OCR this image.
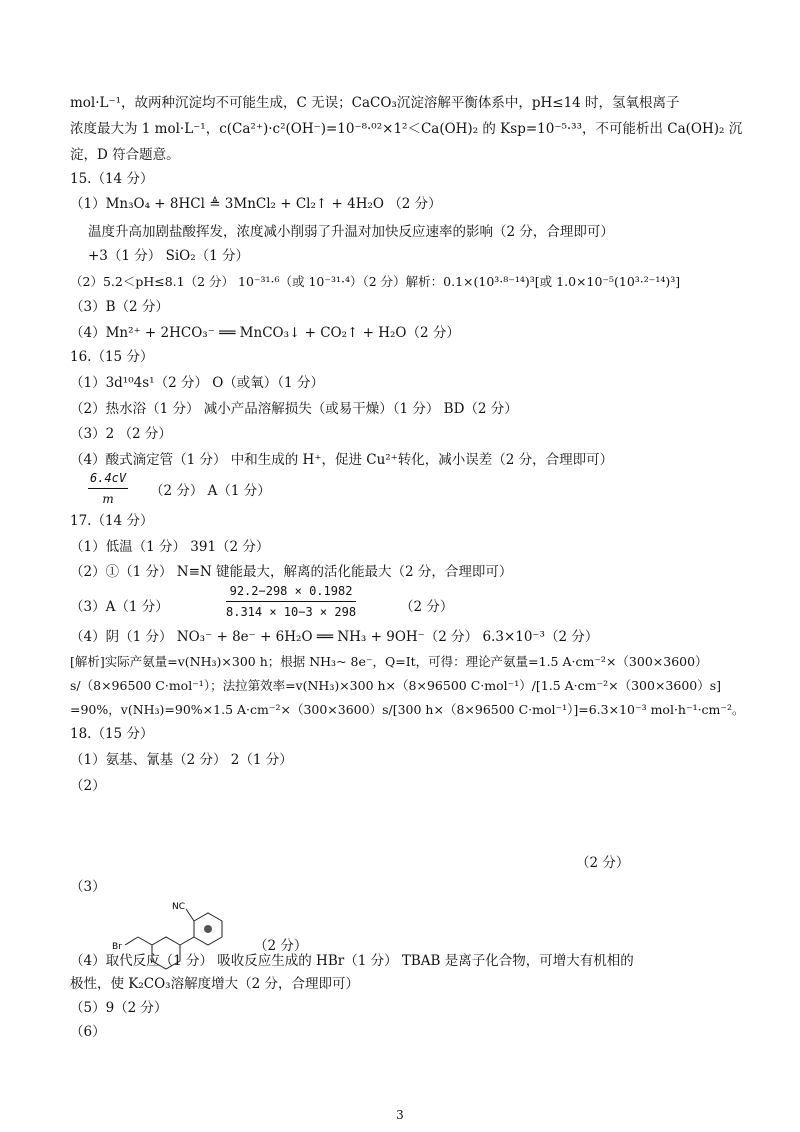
mol·L⁻¹，故两种沉淀均不可能生成，C 无误；CaCO₃沉淀溶解平衡体系中，pH≤14 时，氢氧根离子

浓度最大为 1 mol·L⁻¹，c(Ca²⁺)·c²(OH⁻)=10⁻⁸·⁰²×1²＜Ca(OH)₂ 的 Ksp=10⁻⁵·³³，不可能析出 Ca(OH)₂ 沉

淀，D 符合题意。

15.（14 分）

（1）Mn₃O₄ + 8HCl ≜ 3MnCl₂ + Cl₂↑ + 4H₂O （2 分）

温度升高加剧盐酸挥发，浓度减小削弱了升温对加快反应速率的影响（2 分，合理即可）

+3（1 分） SiO₂（1 分）

（2）5.2＜pH≤8.1（2 分） 10⁻³¹·⁶（或 10⁻³¹·⁴）（2 分）解析：0.1×(10³·⁸⁻¹⁴)³[或 1.0×10⁻⁵(10³·²⁻¹⁴)³]

（3）B（2 分）

（4）Mn²⁺ + 2HCO₃⁻ ══ MnCO₃↓ + CO₂↑ + H₂O（2 分）

16.（15 分）

（1）3d¹⁰4s¹（2 分） O（或氧）（1 分）

（2）热水浴（1 分） 减小产品溶解损失（或易干燥）（1 分） BD（2 分）

（3）2 （2 分）

（4）酸式滴定管（1 分） 中和生成的 H⁺，促进 Cu²⁺转化，减小误差（2 分，合理即可）

6.4cV
m	（2 分） A（1 分）

17.（14 分）

（1）低温（1 分） 391（2 分）

（2）①（1 分） N≡N 键能最大，解离的活化能最大（2 分，合理即可）

（3）A（1 分）

92.2−298 × 0.1982
8.314 × 10−3 × 298	（2 分）

（4）阴（1 分） NO₃⁻ + 8e⁻ + 6H₂O ══ NH₃ + 9OH⁻（2 分） 6.3×10⁻³（2 分）

[解析]实际产氨量=v(NH₃)×300 h；根据 NH₃~ 8e⁻，Q=It，可得：理论产氨量=1.5 A·cm⁻²×（300×3600）

s/（8×96500 C·mol⁻¹）；法拉第效率=v(NH₃)×300 h×（8×96500 C·mol⁻¹）/[1.5 A·cm⁻²×（300×3600）s]

=90%，v(NH₃)=90%×1.5 A·cm⁻²×（300×3600）s/[300 h×（8×96500 C·mol⁻¹）]=6.3×10⁻³ mol·h⁻¹·cm⁻²。

18.（15 分）

（1）氨基、氰基（2 分） 2（1 分）

（2）

（2 分）

（3）

Br
NC

（2 分）

（4）取代反应（1 分） 吸收反应生成的 HBr（1 分） TBAB 是离子化合物，可增大有机相的

极性，使 K₂CO₃溶解度增大（2 分，合理即可）

（5）9（2 分）

（6）

3
